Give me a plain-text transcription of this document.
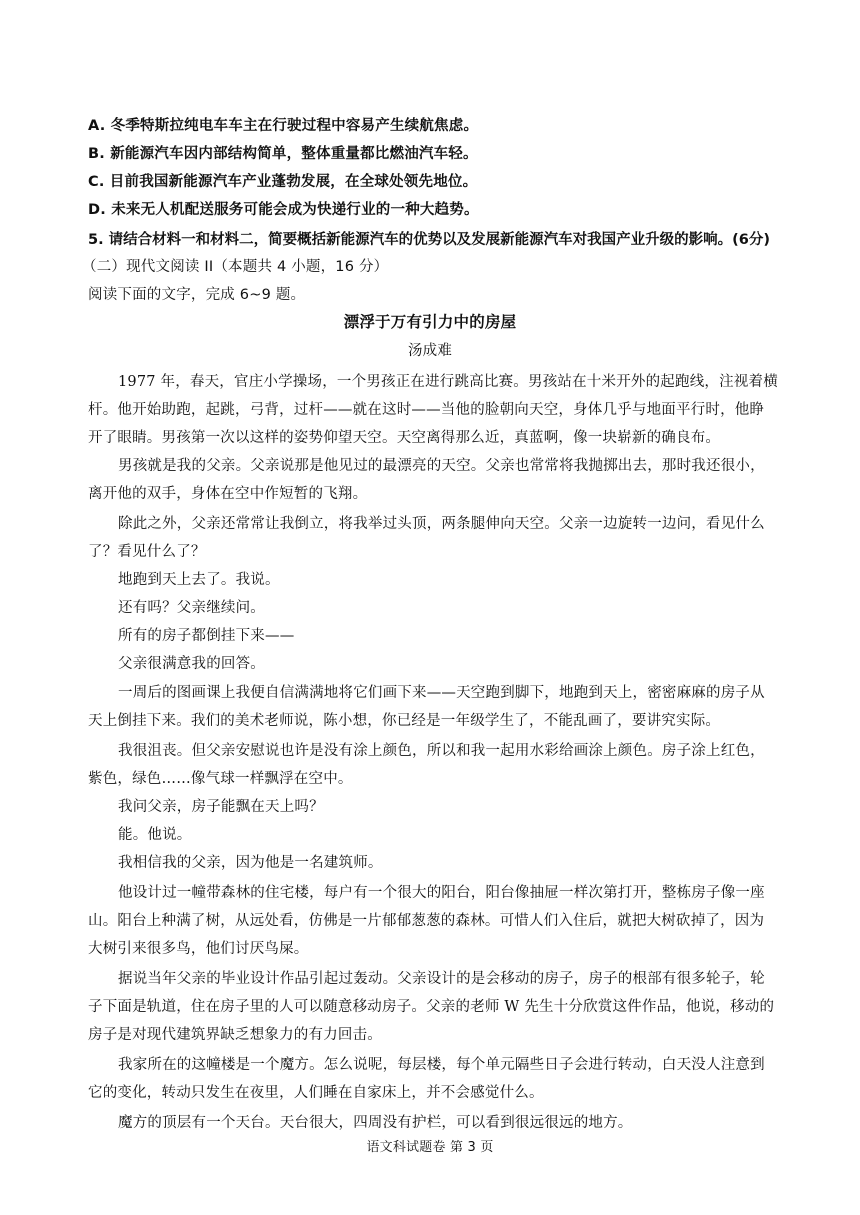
A. 冬季特斯拉纯电车车主在行驶过程中容易产生续航焦虑。
B. 新能源汽车因内部结构简单，整体重量都比燃油汽车轻。
C. 目前我国新能源汽车产业蓬勃发展，在全球处领先地位。
D. 未来无人机配送服务可能会成为快递行业的一种大趋势。
5. 请结合材料一和材料二，简要概括新能源汽车的优势以及发展新能源汽车对我国产业升级的影响。(6分)
（二）现代文阅读 II（本题共 4 小题，16 分）
阅读下面的文字，完成 6~9 题。
漂浮于万有引力中的房屋
汤成难
1977 年，春天，官庄小学操场，一个男孩正在进行跳高比赛。男孩站在十米开外的起跑线，注视着横
杆。他开始助跑，起跳，弓背，过杆——就在这时——当他的脸朝向天空，身体几乎与地面平行时，他睁
开了眼睛。男孩第一次以这样的姿势仰望天空。天空离得那么近，真蓝啊，像一块崭新的确良布。
男孩就是我的父亲。父亲说那是他见过的最漂亮的天空。父亲也常常将我抛掷出去，那时我还很小，
离开他的双手，身体在空中作短暂的飞翔。
除此之外，父亲还常常让我倒立，将我举过头顶，两条腿伸向天空。父亲一边旋转一边问，看见什么
了？看见什么了？
地跑到天上去了。我说。
还有吗？父亲继续问。
所有的房子都倒挂下来——
父亲很满意我的回答。
一周后的图画课上我便自信满满地将它们画下来——天空跑到脚下，地跑到天上，密密麻麻的房子从
天上倒挂下来。我们的美术老师说，陈小想，你已经是一年级学生了，不能乱画了，要讲究实际。
我很沮丧。但父亲安慰说也许是没有涂上颜色，所以和我一起用水彩给画涂上颜色。房子涂上红色，
紫色，绿色……像气球一样飘浮在空中。
我问父亲，房子能飘在天上吗？
能。他说。
我相信我的父亲，因为他是一名建筑师。
他设计过一幢带森林的住宅楼，每户有一个很大的阳台，阳台像抽屉一样次第打开，整栋房子像一座
山。阳台上种满了树，从远处看，仿佛是一片郁郁葱葱的森林。可惜人们入住后，就把大树砍掉了，因为
大树引来很多鸟，他们讨厌鸟屎。
据说当年父亲的毕业设计作品引起过轰动。父亲设计的是会移动的房子，房子的根部有很多轮子，轮
子下面是轨道，住在房子里的人可以随意移动房子。父亲的老师 W 先生十分欣赏这件作品，他说，移动的
房子是对现代建筑界缺乏想象力的有力回击。
我家所在的这幢楼是一个魔方。怎么说呢，每层楼，每个单元隔些日子会进行转动，白天没人注意到
它的变化，转动只发生在夜里，人们睡在自家床上，并不会感觉什么。
魔方的顶层有一个天台。天台很大，四周没有护栏，可以看到很远很远的地方。
语文科试题卷 第 3 页
